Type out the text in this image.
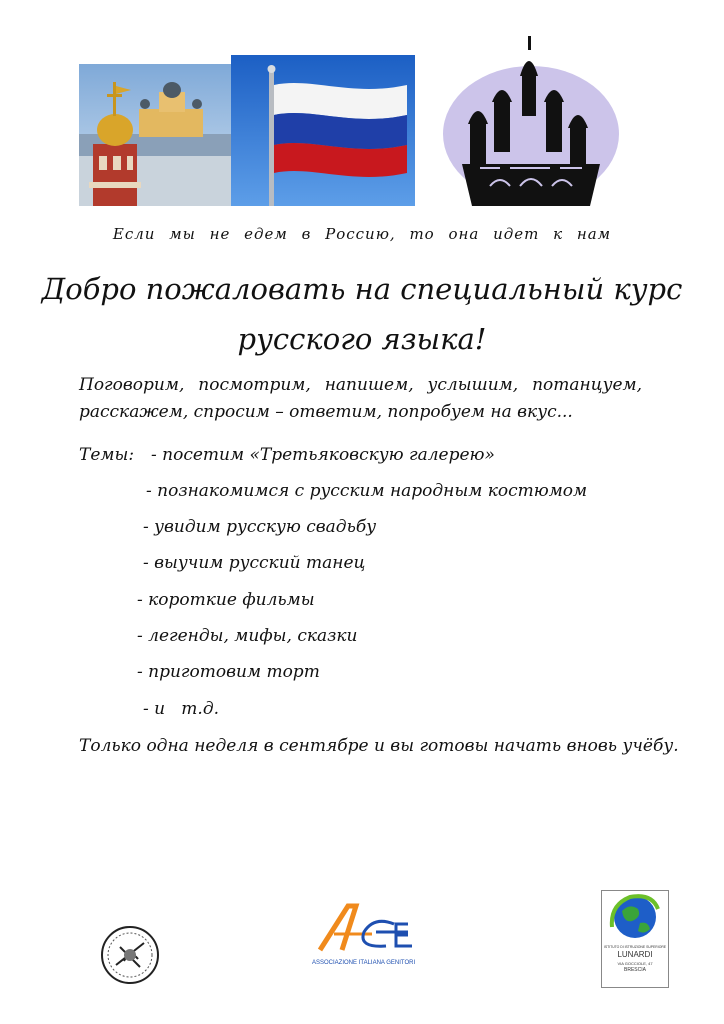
Если мы не едем в Россию, то она идет к нам
Добро пожаловать на специальный курс
русского языка!
Поговорим, посмотрим, напишем, услышим, потанцуем, расскажем, спросим – ответим, попробуем на вкус...
Темы: - посетим «Третьяковскую галерею»
- познакомимся с русским народным костюмом
- увидим русскую свадьбу
- выучим русский танец
- короткие фильмы
- легенды, мифы, сказки
- приготовим торт
- и   т.д.
Только одна неделя в сентябре и вы готовы начать вновь учёбу.
ASSOCIAZIONE ITALIANA GENITORI
ISTITUTO DI ISTRUZIONE SUPERIORE
LUNARDI
VIA GOCCIOLE, 47
BRESCIA
